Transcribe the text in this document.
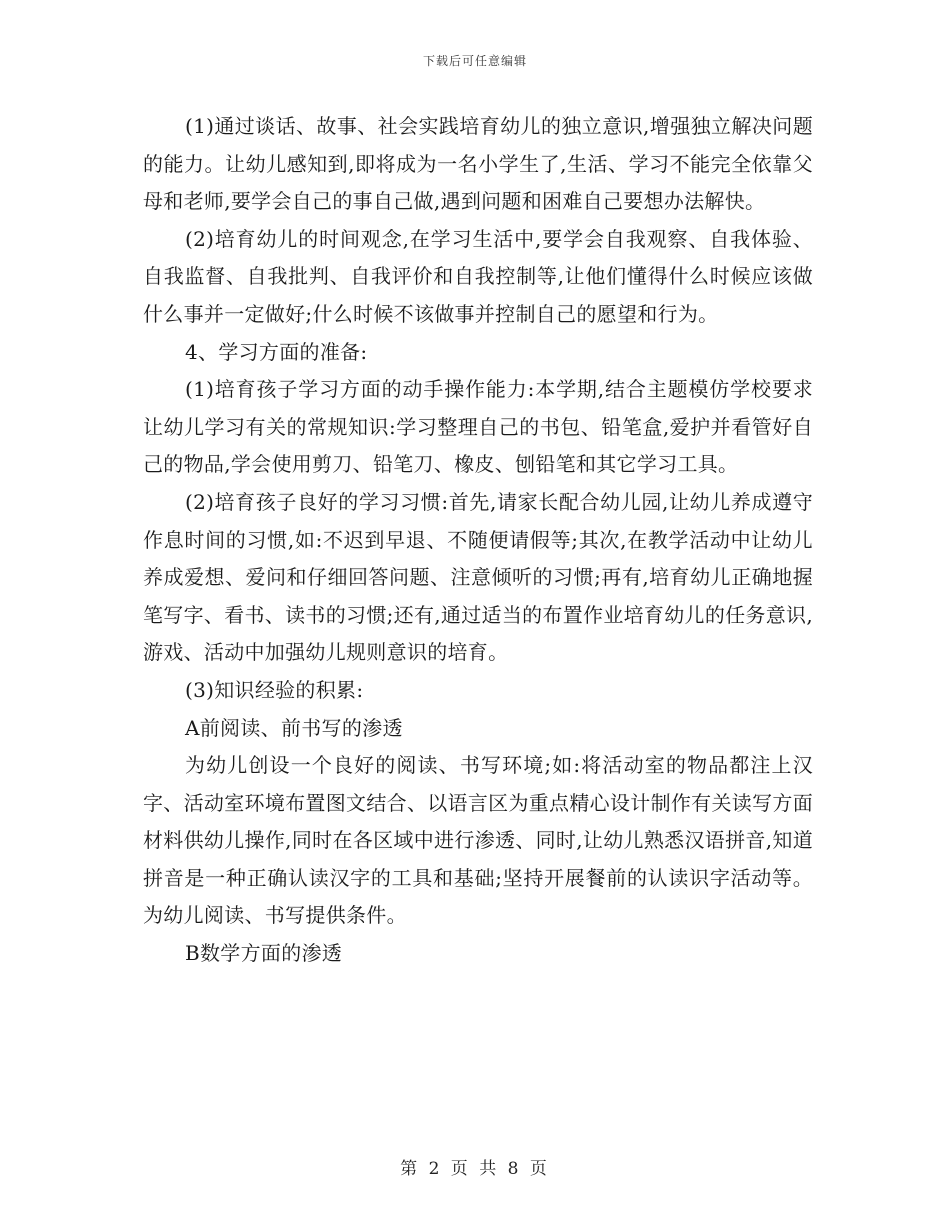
下载后可任意编辑

(1)通过谈话、故事、社会实践培育幼儿的独立意识,增强独立解决问题的能力。让幼儿感知到,即将成为一名小学生了,生活、学习不能完全依靠父母和老师,要学会自己的事自己做,遇到问题和困难自己要想办法解快。

(2)培育幼儿的时间观念,在学习生活中,要学会自我观察、自我体验、自我监督、自我批判、自我评价和自我控制等,让他们懂得什么时候应该做什么事并一定做好;什么时候不该做事并控制自己的愿望和行为。

4、学习方面的准备:

(1)培育孩子学习方面的动手操作能力:本学期,结合主题模仿学校要求让幼儿学习有关的常规知识:学习整理自己的书包、铅笔盒,爱护并看管好自己的物品,学会使用剪刀、铅笔刀、橡皮、刨铅笔和其它学习工具。

(2)培育孩子良好的学习习惯:首先,请家长配合幼儿园,让幼儿养成遵守作息时间的习惯,如:不迟到早退、不随便请假等;其次,在教学活动中让幼儿养成爱想、爱问和仔细回答问题、注意倾听的习惯;再有,培育幼儿正确地握笔写字、看书、读书的习惯;还有,通过适当的布置作业培育幼儿的任务意识,游戏、活动中加强幼儿规则意识的培育。

(3)知识经验的积累:

A前阅读、前书写的渗透

为幼儿创设一个良好的阅读、书写环境;如:将活动室的物品都注上汉字、活动室环境布置图文结合、以语言区为重点精心设计制作有关读写方面材料供幼儿操作,同时在各区域中进行渗透、同时,让幼儿熟悉汉语拼音,知道拼音是一种正确认读汉字的工具和基础;坚持开展餐前的认读识字活动等。为幼儿阅读、书写提供条件。

B数学方面的渗透

第 2 页 共 8 页
